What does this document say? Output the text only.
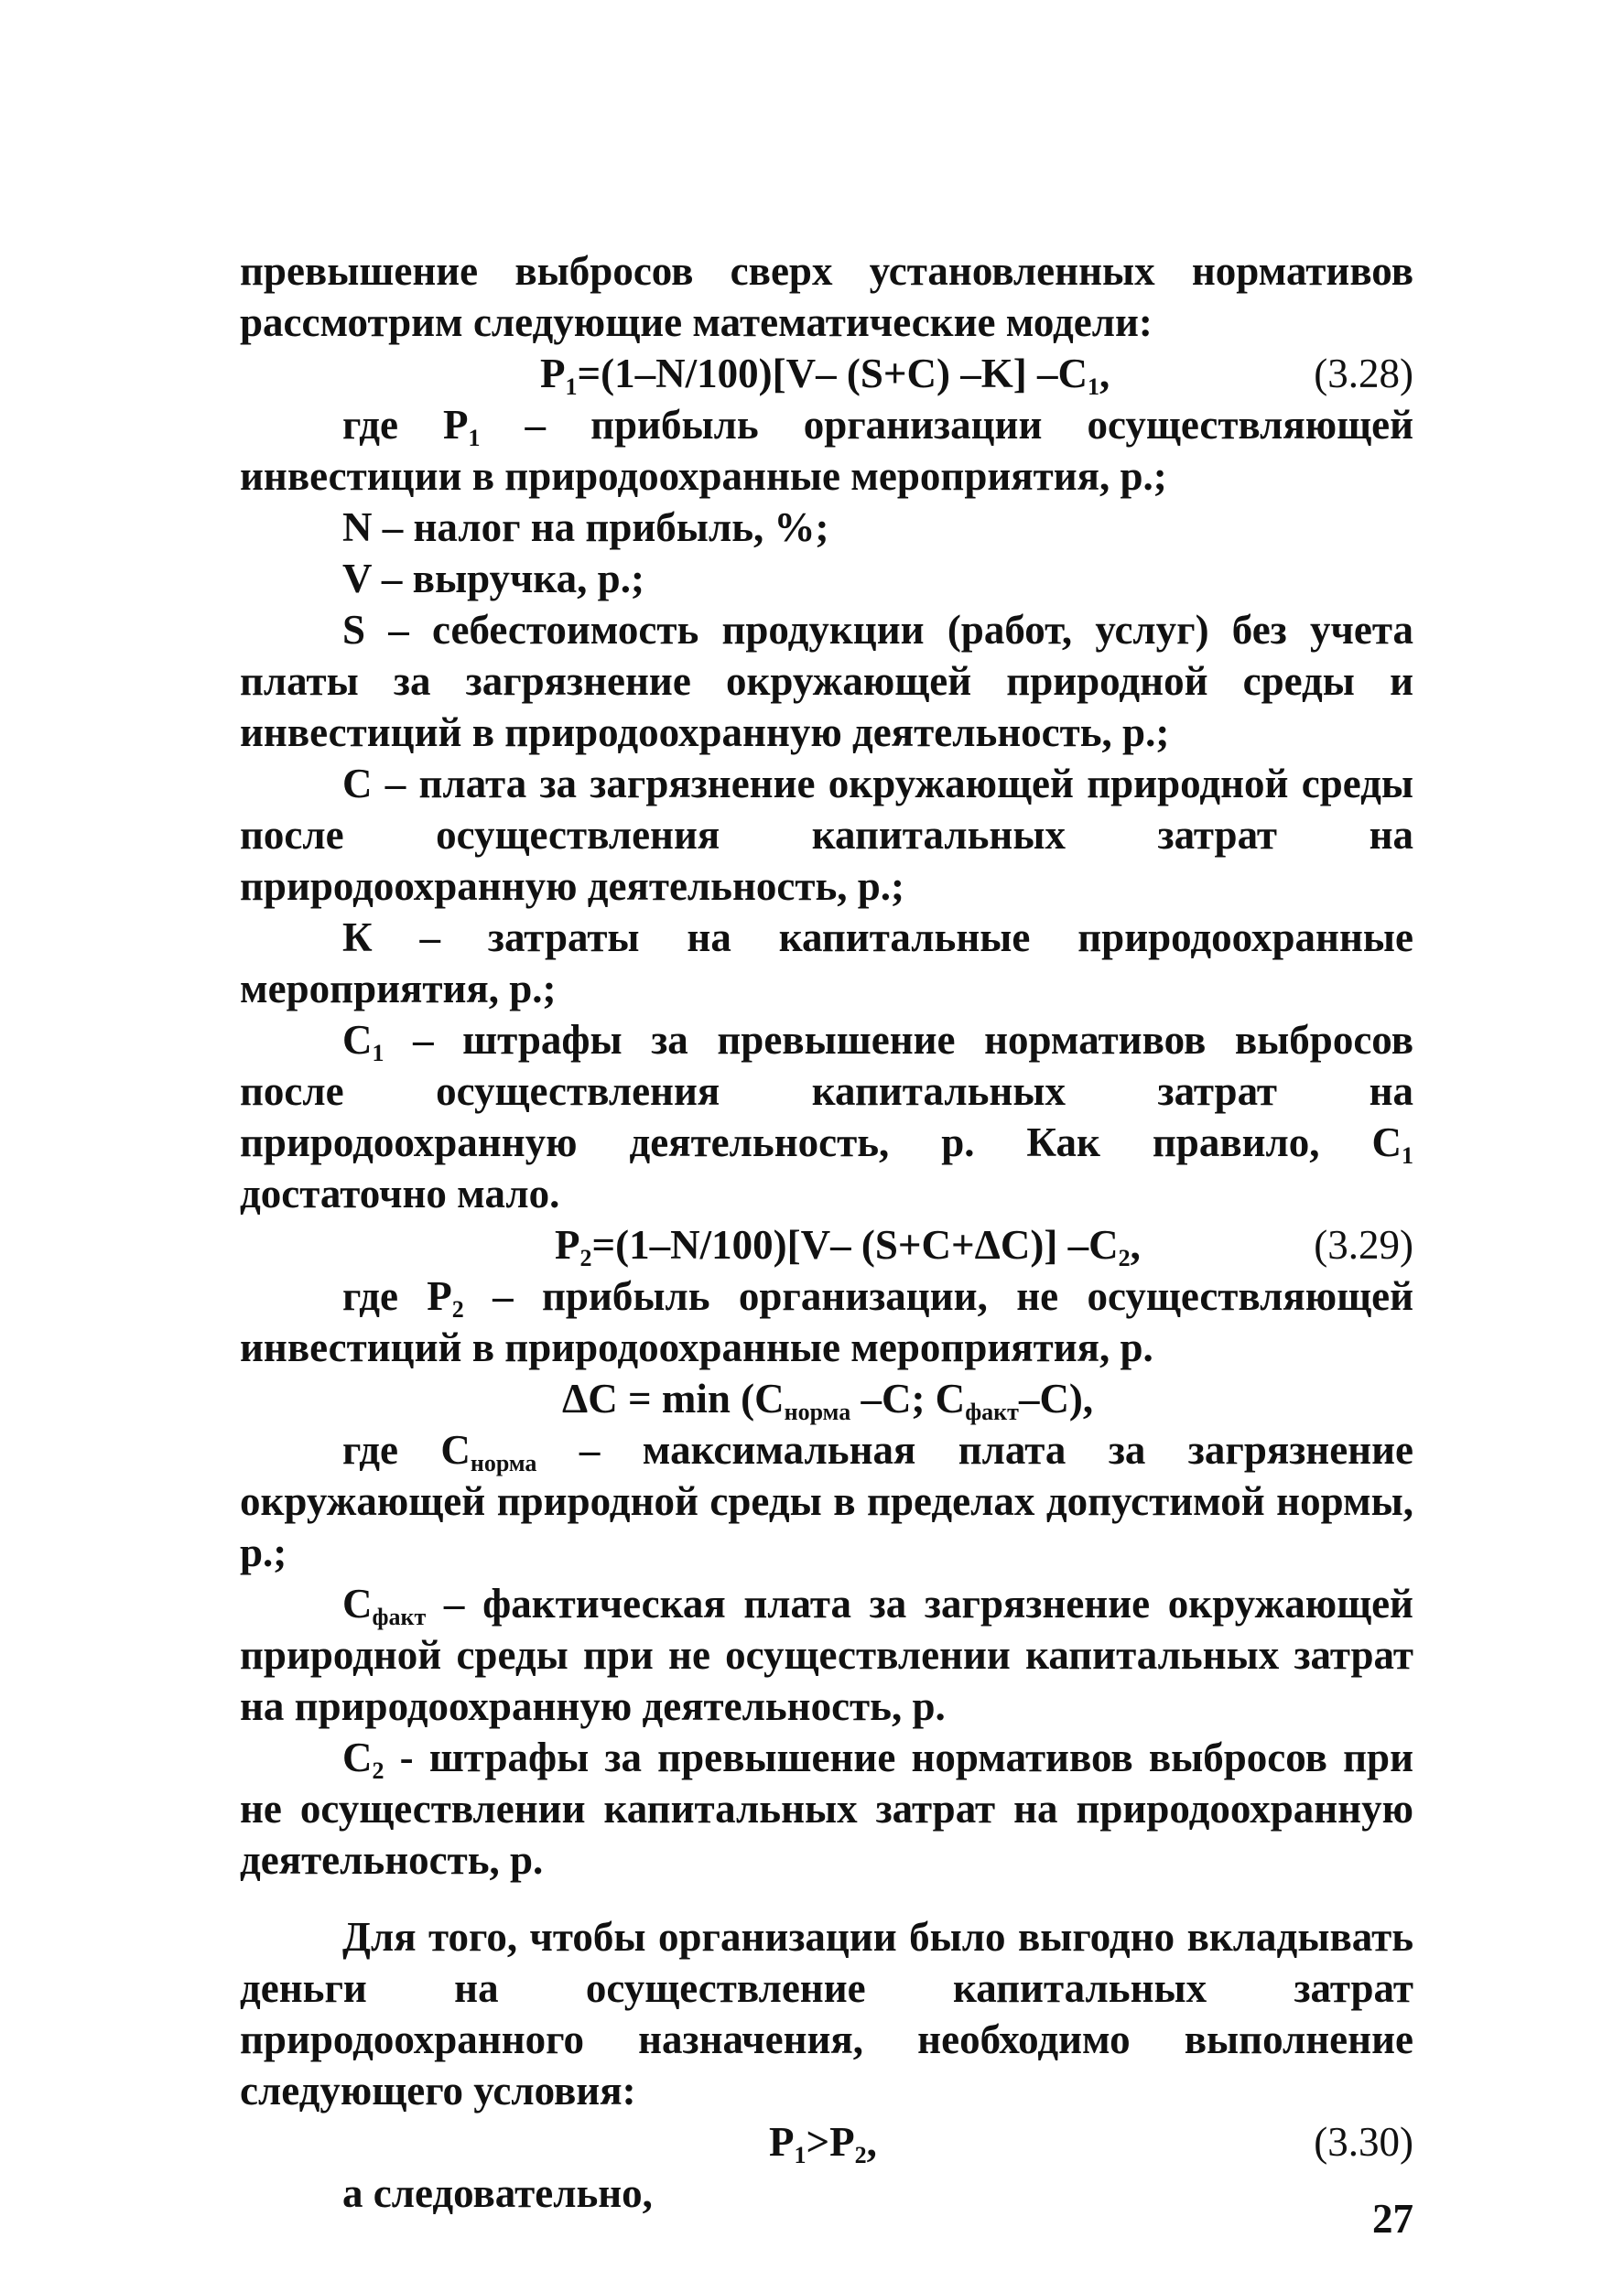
превышение выбросов сверх установленных нормативов рассмотрим следующие математические модели:

$P_1=(1-N/100)[V-$ (S+C) –K] $-C_1$,	(3.28)

где $P_1$ – прибыль организации осуществляющей инвестиции в природоохранные мероприятия, р.;

N – налог на прибыль, %;

V – выручка, р.;

S – себестоимость продукции (работ, услуг) без учета платы за загрязнение окружающей природной среды и инвестиций в природоохранную деятельность, р.;

C – плата за загрязнение окружающей природной среды после осуществления капитальных затрат на природоохранную деятельность, р.;

К – затраты на капитальные природоохранные мероприятия, р.;

$C_1$ – штрафы за превышение нормативов выбросов после осуществления капитальных затрат на природоохранную деятельность, р. Как правило, $C_1$ достаточно мало.

$P_2=(1-N/100)[V-$ (S+C+ΔC)] $-C_2$,	(3.29)

где $P_2$ – прибыль организации, не осуществляющей инвестиций в природоохранные мероприятия, р.

$\Delta C = \min (C_{норма}$ –C; $C_{факт}-C$),

где $C_{норма}$ – максимальная плата за загрязнение окружающей природной среды в пределах допустимой нормы, р.;

$C_{факт}$ – фактическая плата за загрязнение окружающей природной среды при не осуществлении капитальных затрат на природоохранную деятельность, р.

$C_2$ - штрафы за превышение нормативов выбросов при не осуществлении капитальных затрат на природоохранную деятельность, р.

Для того, чтобы организации было выгодно вкладывать деньги на осуществление капитальных затрат природоохранного назначения, необходимо выполнение следующего условия:

$P_1>P_2$,	(3.30)

а следовательно,

27
